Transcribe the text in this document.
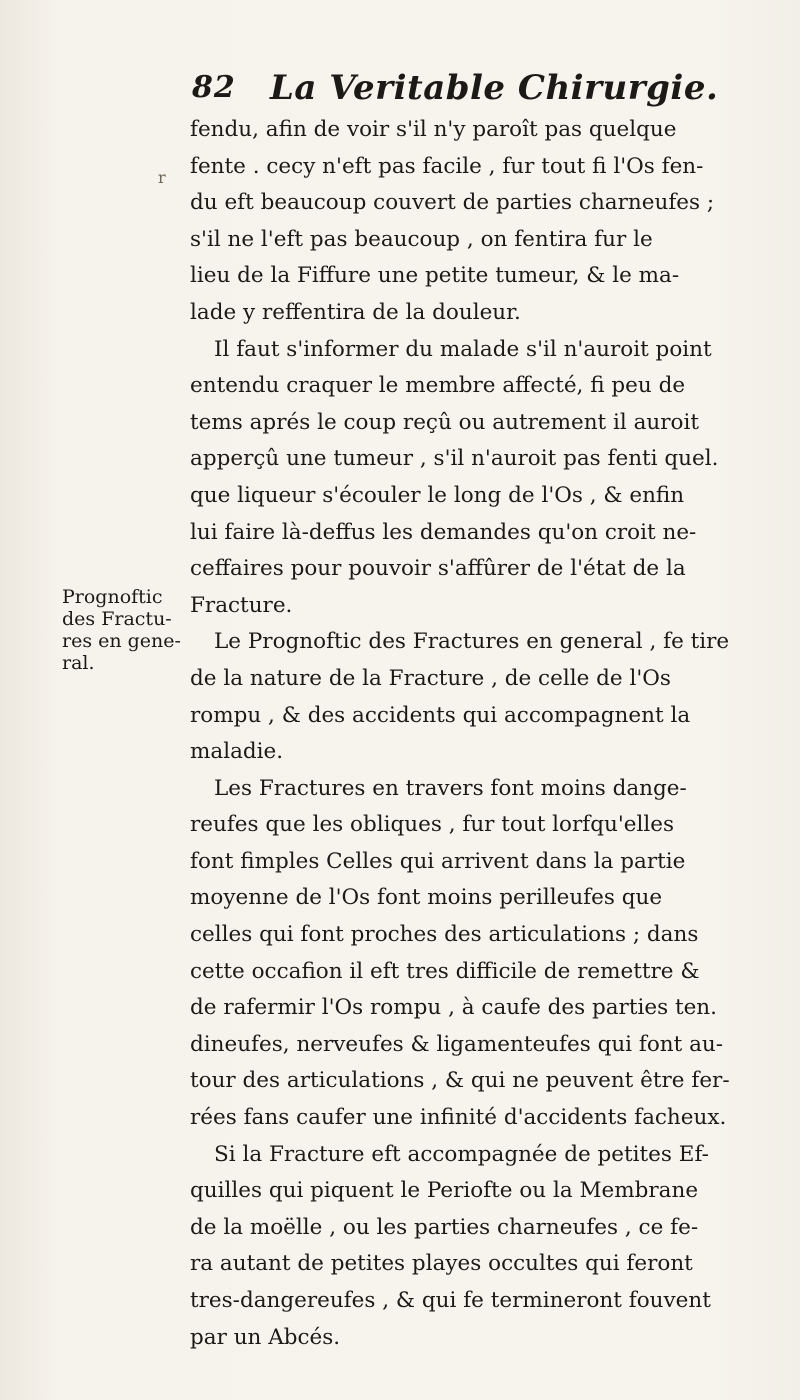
82 La Veritable Chirurgie.
r
Prognoftic
des Fractu-
res en gene-
ral.
fendu, afin de voir s'il n'y paroît pas quelque
fente . cecy n'eft pas facile , fur tout fi l'Os fen-
du eft beaucoup couvert de parties charneufes ;
s'il ne l'eft pas beaucoup , on fentira fur le
lieu de la Fiffure une petite tumeur, & le ma-
lade y reffentira de la douleur.
Il faut s'informer du malade s'il n'auroit point
entendu craquer le membre affecté, fi peu de
tems aprés le coup reçû ou autrement il auroit
apperçû une tumeur , s'il n'auroit pas fenti quel.
que liqueur s'écouler le long de l'Os , & enfin
lui faire là-deffus les demandes qu'on croit ne-
ceffaires pour pouvoir s'affûrer de l'état de la
Fracture.
Le Prognoftic des Fractures en general , fe tire
de la nature de la Fracture , de celle de l'Os
rompu , & des accidents qui accompagnent la
maladie.
Les Fractures en travers font moins dange-
reufes que les obliques , fur tout lorfqu'elles
font fimples Celles qui arrivent dans la partie
moyenne de l'Os font moins perilleufes que
celles qui font proches des articulations ; dans
cette occafion il eft tres difficile de remettre &
de rafermir l'Os rompu , à caufe des parties ten.
dineufes, nerveufes & ligamenteufes qui font au-
tour des articulations , & qui ne peuvent être fer-
rées fans caufer une infinité d'accidents facheux.
Si la Fracture eft accompagnée de petites Ef-
quilles qui piquent le Periofte ou la Membrane
de la moëlle , ou les parties charneufes , ce fe-
ra autant de petites playes occultes qui feront
tres-dangereufes , & qui fe termineront fouvent
par un Abcés.
